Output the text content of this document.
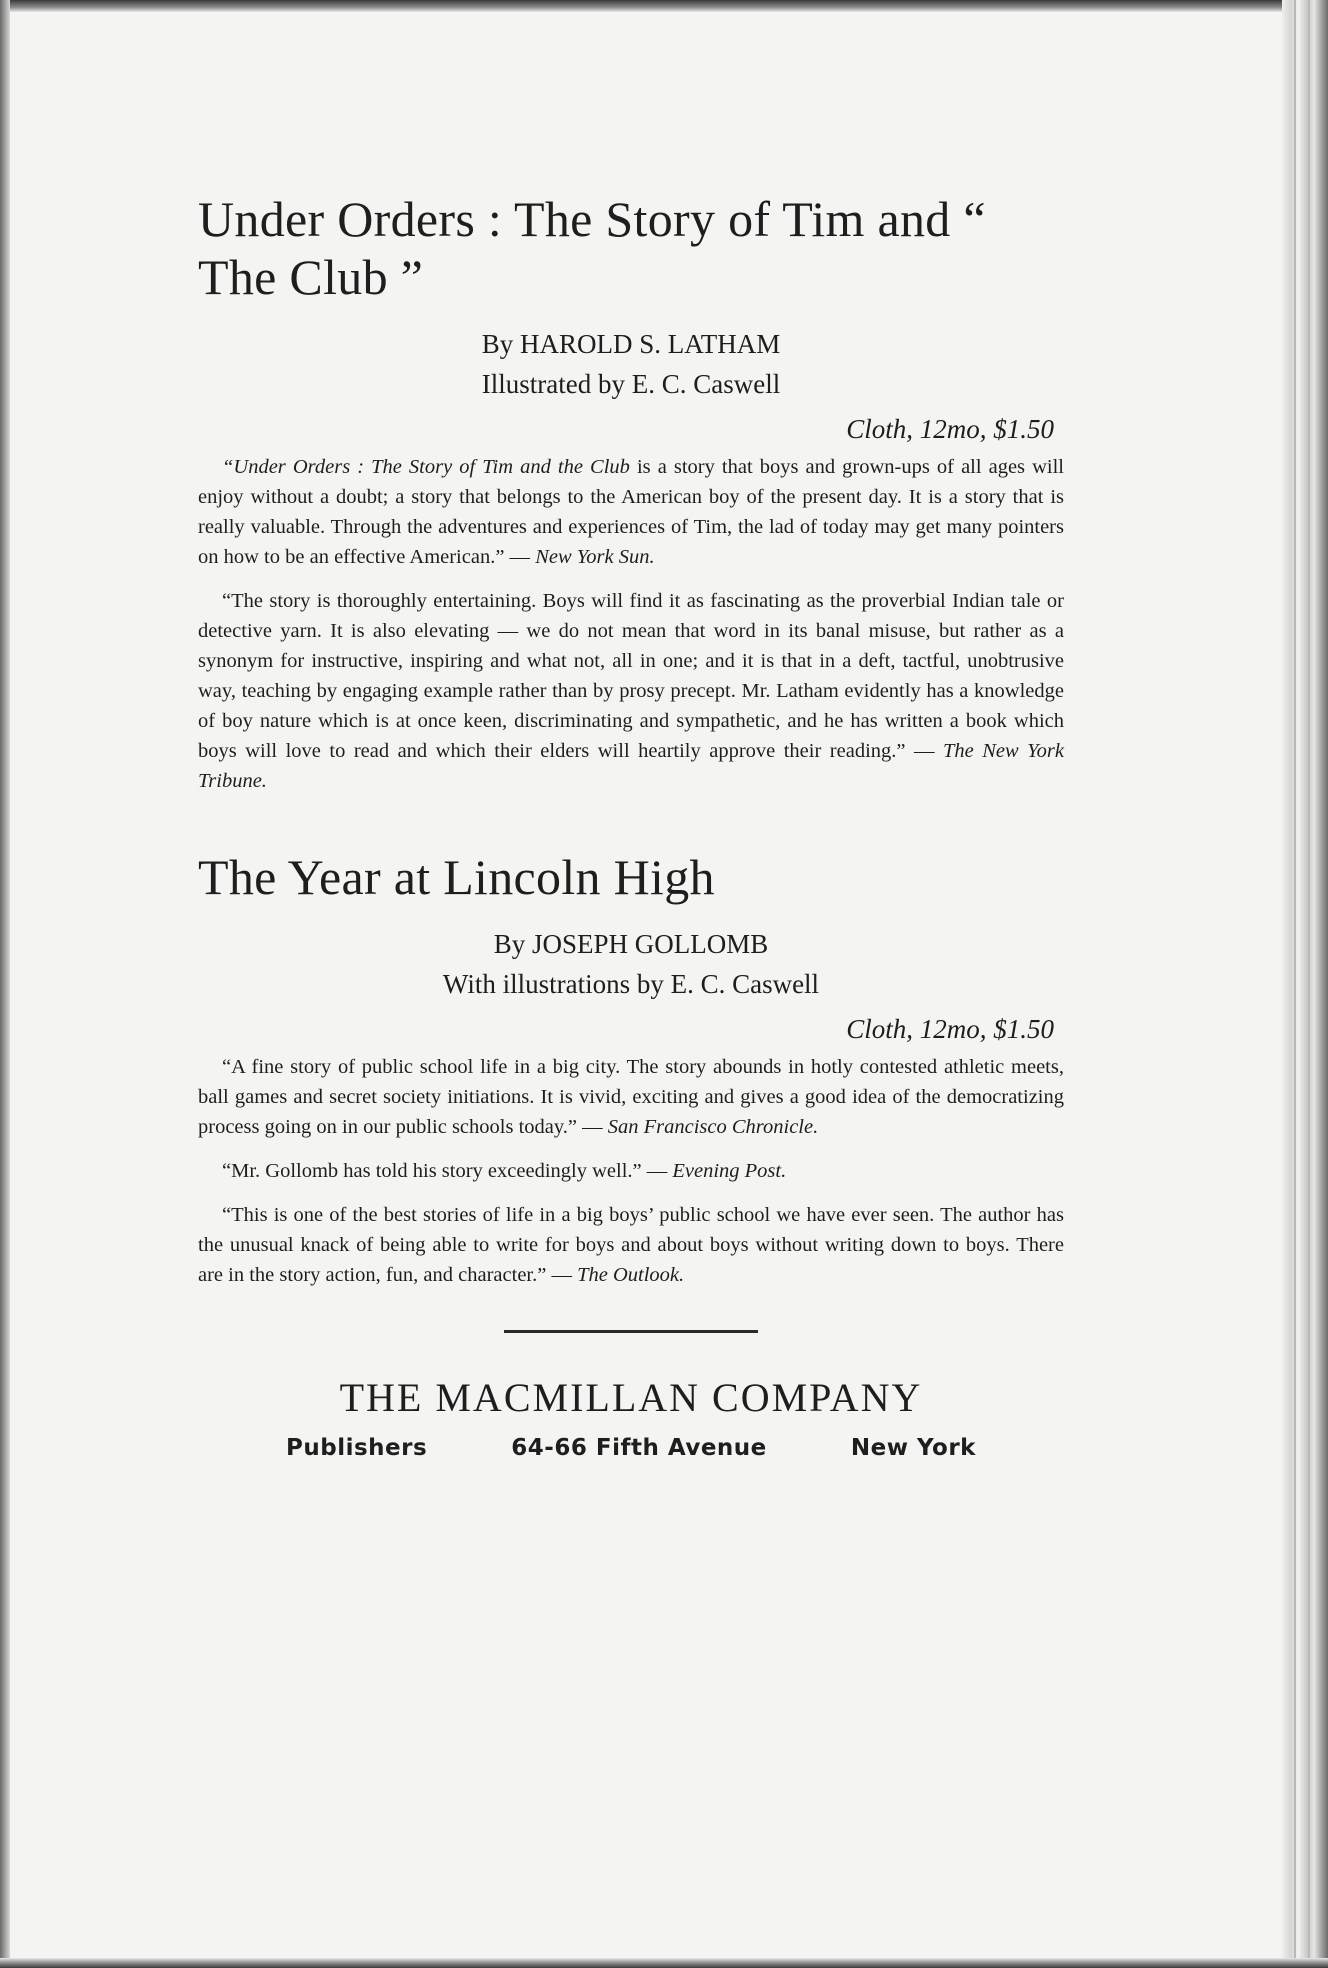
Under Orders : The Story of Tim and “ The Club ”

By HAROLD S. LATHAM

Illustrated by E. C. Caswell

Cloth, 12mo, $1.50

“Under Orders : The Story of Tim and the Club is a story that boys and grown-ups of all ages will enjoy without a doubt; a story that belongs to the American boy of the present day. It is a story that is really valuable. Through the adventures and experiences of Tim, the lad of today may get many pointers on how to be an effective American.” — New York Sun.

“The story is thoroughly entertaining. Boys will find it as fascinating as the proverbial Indian tale or detective yarn. It is also elevating — we do not mean that word in its banal misuse, but rather as a synonym for instructive, inspiring and what not, all in one; and it is that in a deft, tactful, unobtrusive way, teaching by engaging example rather than by prosy precept. Mr. Latham evidently has a knowledge of boy nature which is at once keen, discriminating and sympathetic, and he has written a book which boys will love to read and which their elders will heartily approve their reading.” — The New York Tribune.

The Year at Lincoln High

By JOSEPH GOLLOMB

With illustrations by E. C. Caswell

Cloth, 12mo, $1.50

“A fine story of public school life in a big city. The story abounds in hotly contested athletic meets, ball games and secret society initiations. It is vivid, exciting and gives a good idea of the democratizing process going on in our public schools today.” — San Francisco Chronicle.

“Mr. Gollomb has told his story exceedingly well.” — Evening Post.

“This is one of the best stories of life in a big boys’ public school we have ever seen. The author has the unusual knack of being able to write for boys and about boys without writing down to boys. There are in the story action, fun, and character.” — The Outlook.

THE MACMILLAN COMPANY

Publishers	64-66 Fifth Avenue	New York
